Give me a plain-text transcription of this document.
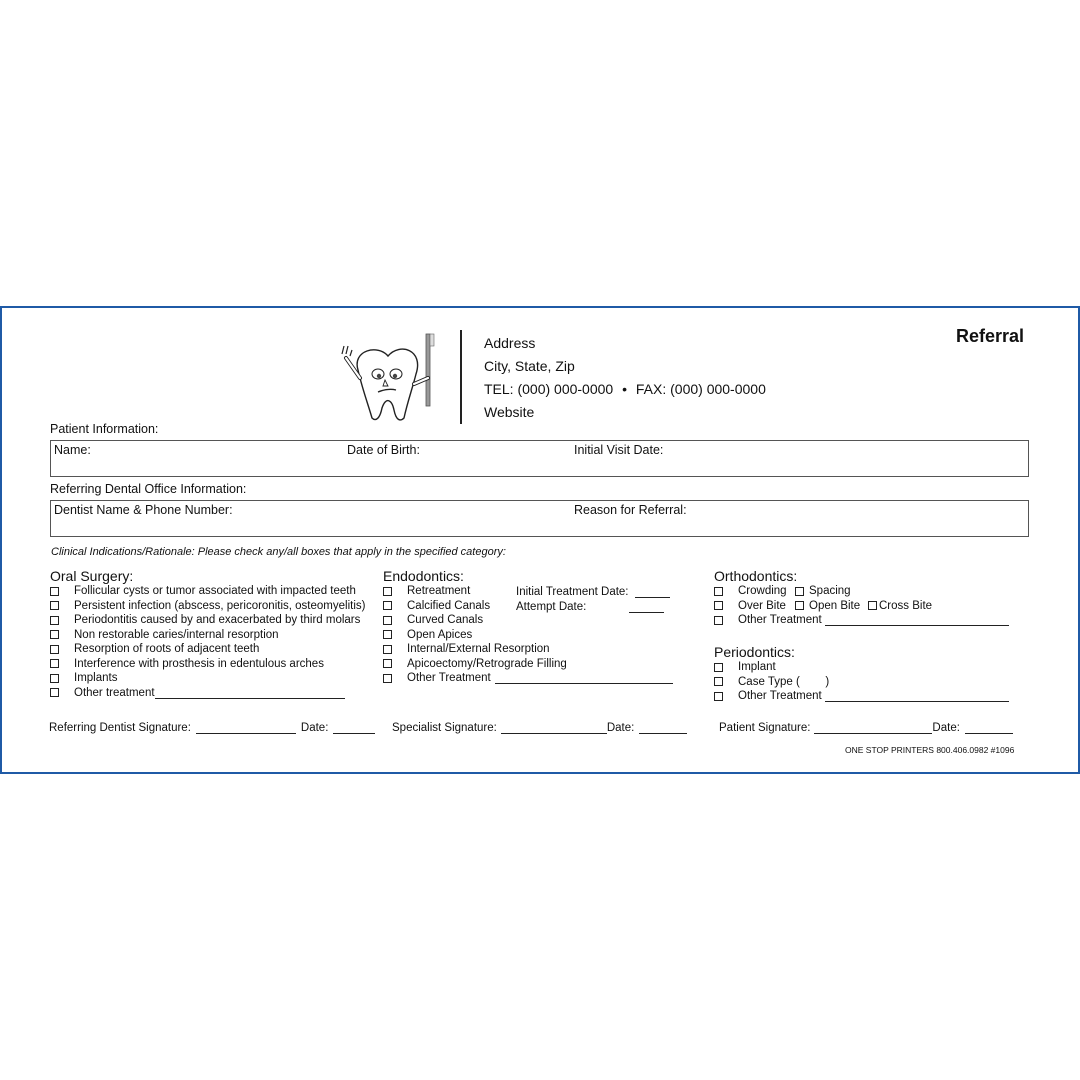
Address
City, State, Zip
TEL: (000) 000-0000 • FAX: (000) 000-0000
Website
Referral
Patient Information:
Name:	Date of Birth:	Initial Visit Date:
Referring Dental Office Information:
Dentist Name & Phone Number:	Reason for Referral:
Clinical Indications/Rationale: Please check any/all boxes that apply in the specified category:
Oral Surgery:
Follicular cysts or tumor associated with impacted teeth
Persistent infection (abscess, pericoronitis, osteomyelitis)
Periodontitis caused by and exacerbated by third molars
Non restorable caries/internal resorption
Resorption of roots of adjacent teeth
Interference with prosthesis in edentulous arches
Implants
Other treatment
Endodontics:
Retreatment
Calcified Canals
Curved Canals
Open Apices
Internal/External Resorption
Apicoectomy/Retrograde Filling
Other Treatment
Initial Treatment Date:
Attempt Date:
Orthodontics:
Crowding	Spacing
Over Bite	Open Bite	Cross Bite
Other Treatment
Periodontics:
Implant
Case Type (        )
Other Treatment
Referring Dentist Signature:	Date:	Specialist Signature:	Date:	Patient Signature:	Date:
ONE STOP PRINTERS 800.406.0982 #1096
